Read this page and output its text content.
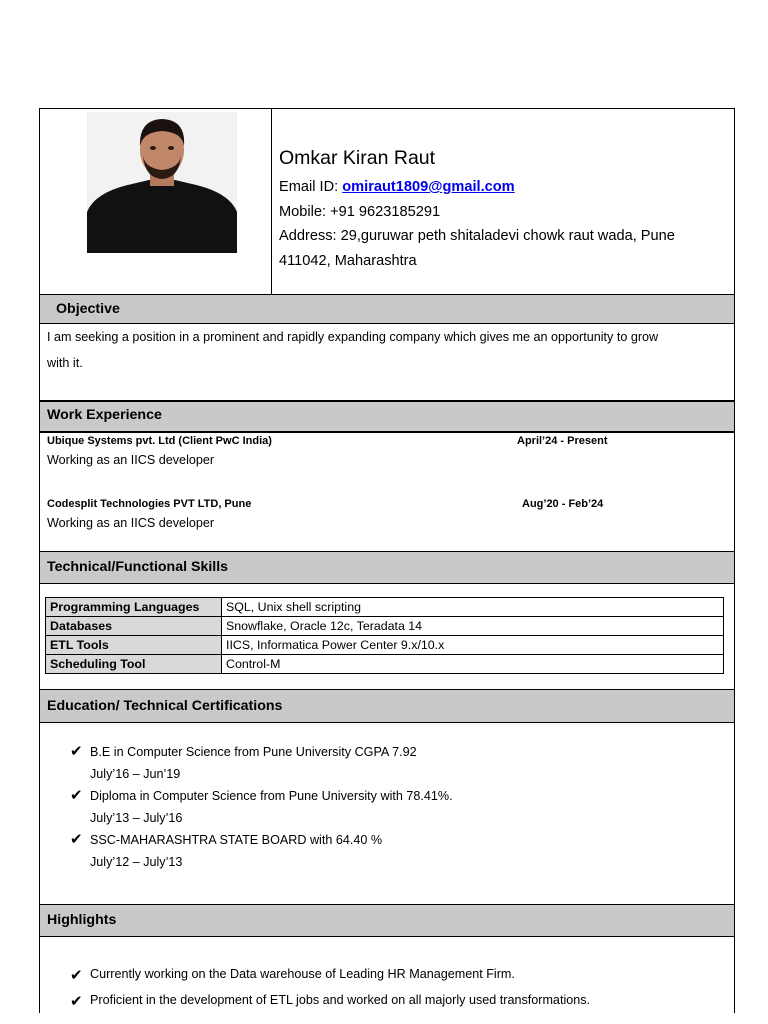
Omkar Kiran Raut
Email ID: omiraut1809@gmail.com
Mobile: +91 9623185291
Address: 29,guruwar peth shitaladevi chowk raut wada, Pune
411042, Maharashtra
Objective
I am seeking a position in a prominent and rapidly expanding company which gives me an opportunity to grow
with it.
Work Experience
Ubique Systems pvt. Ltd (Client PwC India)
Working as an IICS developer
April’24 - Present
Codesplit Technologies PVT LTD, Pune
Working as an IICS developer
Aug’20 - Feb’24
Technical/Functional Skills
Programming Languages	SQL, Unix shell scripting
Databases	Snowflake, Oracle 12c, Teradata 14
ETL Tools	IICS, Informatica Power Center 9.x/10.x
Scheduling Tool	Control-M
Education/ Technical Certifications
✔ B.E in Computer Science from Pune University CGPA 7.92
July’16 – Jun’19
✔ Diploma in Computer Science from Pune University with 78.41%.
July’13 – July’16
✔ SSC-MAHARASHTRA STATE BOARD with 64.40 %
July’12 – July’13
Highlights
✔ Currently working on the Data warehouse of Leading HR Management Firm.
✔ Proficient in the development of ETL jobs and worked on all majorly used transformations.
